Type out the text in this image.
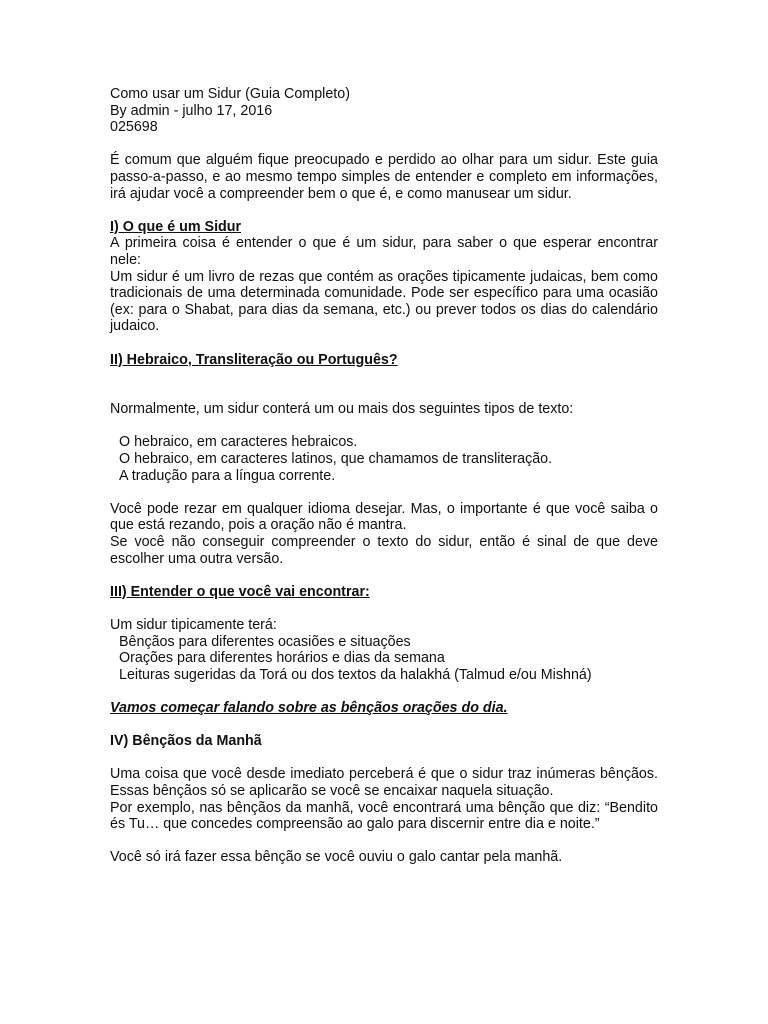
Como usar um Sidur (Guia Completo)

By admin - julho 17, 2016

025698

É comum que alguém fique preocupado e perdido ao olhar para um sidur. Este guia passo-a-passo, e ao mesmo tempo simples de entender e completo em informações, irá ajudar você a compreender bem o que é, e como manusear um sidur.

I) O que é um Sidur

A primeira coisa é entender o que é um sidur, para saber o que esperar encontrar nele:

Um sidur é um livro de rezas que contém as orações tipicamente judaicas, bem como tradicionais de uma determinada comunidade. Pode ser específico para uma ocasião (ex: para o Shabat, para dias da semana, etc.) ou prever todos os dias do calendário judaico.

II) Hebraico, Transliteração ou Português?

Normalmente, um sidur conterá um ou mais dos seguintes tipos de texto:

O hebraico, em caracteres hebraicos.

O hebraico, em caracteres latinos, que chamamos de transliteração.

A tradução para a língua corrente.

Você pode rezar em qualquer idioma desejar. Mas, o importante é que você saiba o que está rezando, pois a oração não é mantra.

Se você não conseguir compreender o texto do sidur, então é sinal de que deve escolher uma outra versão.

III) Entender o que você vai encontrar:

Um sidur tipicamente terá:

Bênçãos para diferentes ocasiões e situações

Orações para diferentes horários e dias da semana

Leituras sugeridas da Torá ou dos textos da halakhá (Talmud e/ou Mishná)

Vamos começar falando sobre as bênçãos orações do dia.

IV) Bênçãos da Manhã

Uma coisa que você desde imediato perceberá é que o sidur traz inúmeras bênçãos. Essas bênçãos só se aplicarão se você se encaixar naquela situação.

Por exemplo, nas bênçãos da manhã, você encontrará uma bênção que diz: “Bendito és Tu… que concedes compreensão ao galo para discernir entre dia e noite.”

Você só irá fazer essa bênção se você ouviu o galo cantar pela manhã.
